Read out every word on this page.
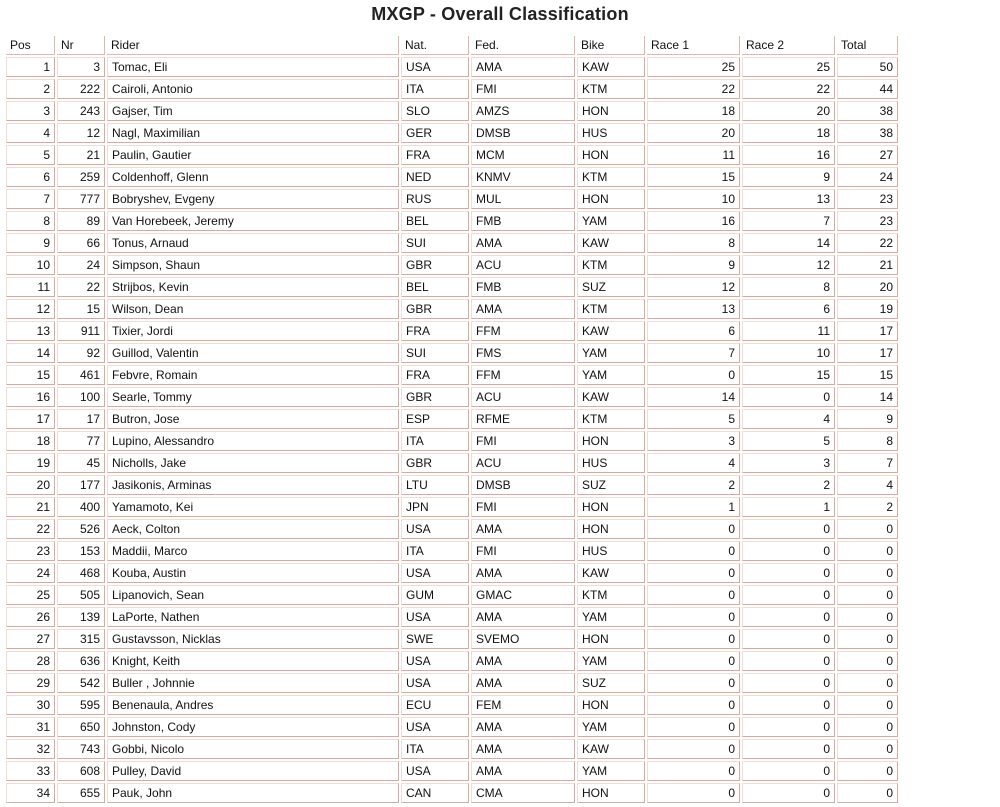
MXGP - Overall Classification
Pos	Nr	Rider	Nat.	Fed.	Bike	Race 1	Race 2	Total
1	3	Tomac, Eli	USA	AMA	KAW	25	25	50
2	222	Cairoli, Antonio	ITA	FMI	KTM	22	22	44
3	243	Gajser, Tim	SLO	AMZS	HON	18	20	38
4	12	Nagl, Maximilian	GER	DMSB	HUS	20	18	38
5	21	Paulin, Gautier	FRA	MCM	HON	11	16	27
6	259	Coldenhoff, Glenn	NED	KNMV	KTM	15	9	24
7	777	Bobryshev, Evgeny	RUS	MUL	HON	10	13	23
8	89	Van Horebeek, Jeremy	BEL	FMB	YAM	16	7	23
9	66	Tonus, Arnaud	SUI	AMA	KAW	8	14	22
10	24	Simpson, Shaun	GBR	ACU	KTM	9	12	21
11	22	Strijbos, Kevin	BEL	FMB	SUZ	12	8	20
12	15	Wilson, Dean	GBR	AMA	KTM	13	6	19
13	911	Tixier, Jordi	FRA	FFM	KAW	6	11	17
14	92	Guillod, Valentin	SUI	FMS	YAM	7	10	17
15	461	Febvre, Romain	FRA	FFM	YAM	0	15	15
16	100	Searle, Tommy	GBR	ACU	KAW	14	0	14
17	17	Butron, Jose	ESP	RFME	KTM	5	4	9
18	77	Lupino, Alessandro	ITA	FMI	HON	3	5	8
19	45	Nicholls, Jake	GBR	ACU	HUS	4	3	7
20	177	Jasikonis, Arminas	LTU	DMSB	SUZ	2	2	4
21	400	Yamamoto, Kei	JPN	FMI	HON	1	1	2
22	526	Aeck, Colton	USA	AMA	HON	0	0	0
23	153	Maddii, Marco	ITA	FMI	HUS	0	0	0
24	468	Kouba, Austin	USA	AMA	KAW	0	0	0
25	505	Lipanovich, Sean	GUM	GMAC	KTM	0	0	0
26	139	LaPorte, Nathen	USA	AMA	YAM	0	0	0
27	315	Gustavsson, Nicklas	SWE	SVEMO	HON	0	0	0
28	636	Knight, Keith	USA	AMA	YAM	0	0	0
29	542	Buller , Johnnie	USA	AMA	SUZ	0	0	0
30	595	Benenaula, Andres	ECU	FEM	HON	0	0	0
31	650	Johnston, Cody	USA	AMA	YAM	0	0	0
32	743	Gobbi, Nicolo	ITA	AMA	KAW	0	0	0
33	608	Pulley, David	USA	AMA	YAM	0	0	0
34	655	Pauk, John	CAN	CMA	HON	0	0	0
